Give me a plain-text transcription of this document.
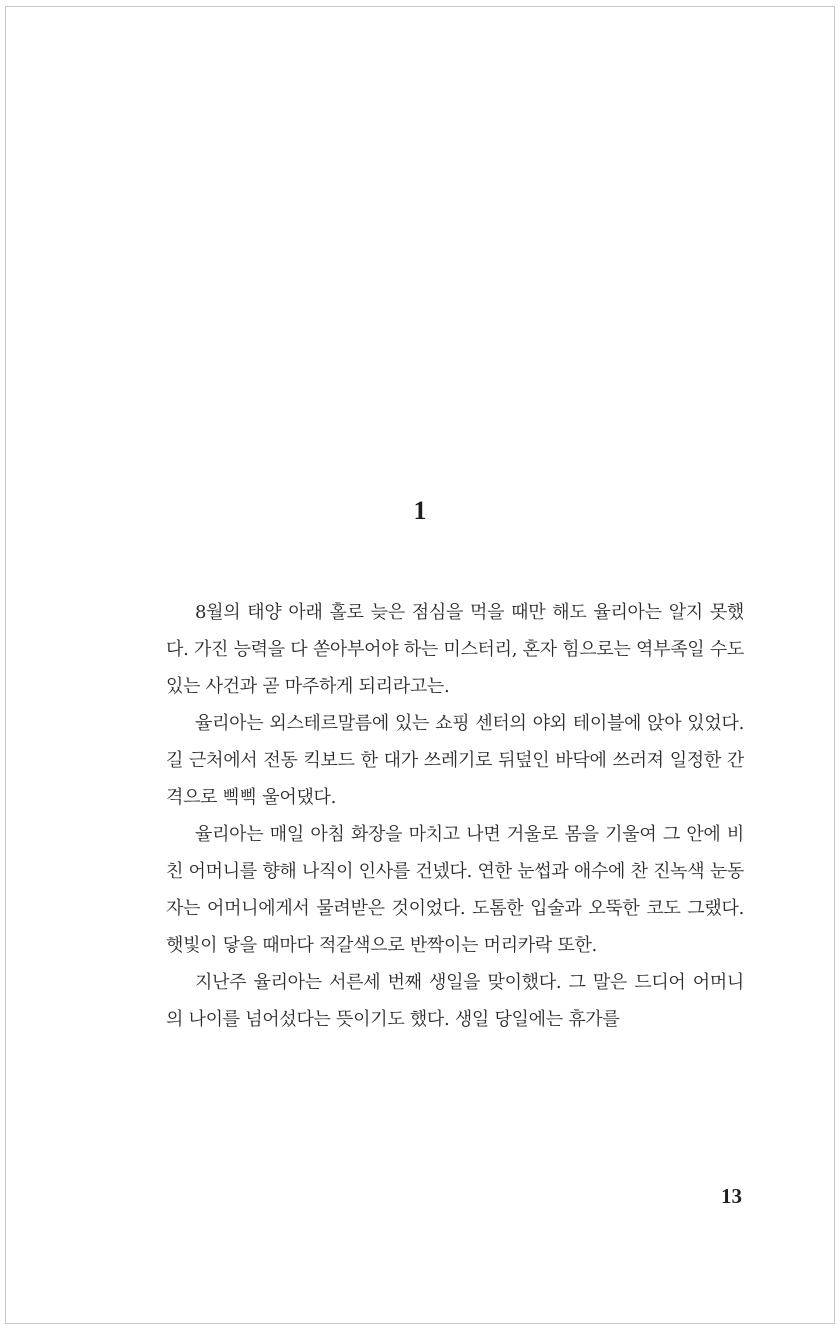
1

8월의 태양 아래 홀로 늦은 점심을 먹을 때만 해도 율리아는 알지 못했다. 가진 능력을 다 쏟아부어야 하는 미스터리, 혼자 힘으로는 역부족일 수도 있는 사건과 곧 마주하게 되리라고는.

율리아는 외스테르말름에 있는 쇼핑 센터의 야외 테이블에 앉아 있었다. 길 근처에서 전동 킥보드 한 대가 쓰레기로 뒤덮인 바닥에 쓰러져 일정한 간격으로 삑삑 울어댔다.

율리아는 매일 아침 화장을 마치고 나면 거울로 몸을 기울여 그 안에 비친 어머니를 향해 나직이 인사를 건넸다. 연한 눈썹과 애수에 찬 진녹색 눈동자는 어머니에게서 물려받은 것이었다. 도톰한 입술과 오뚝한 코도 그랬다. 햇빛이 닿을 때마다 적갈색으로 반짝이는 머리카락 또한.

지난주 율리아는 서른세 번째 생일을 맞이했다. 그 말은 드디어 어머니의 나이를 넘어섰다는 뜻이기도 했다. 생일 당일에는 휴가를

13
